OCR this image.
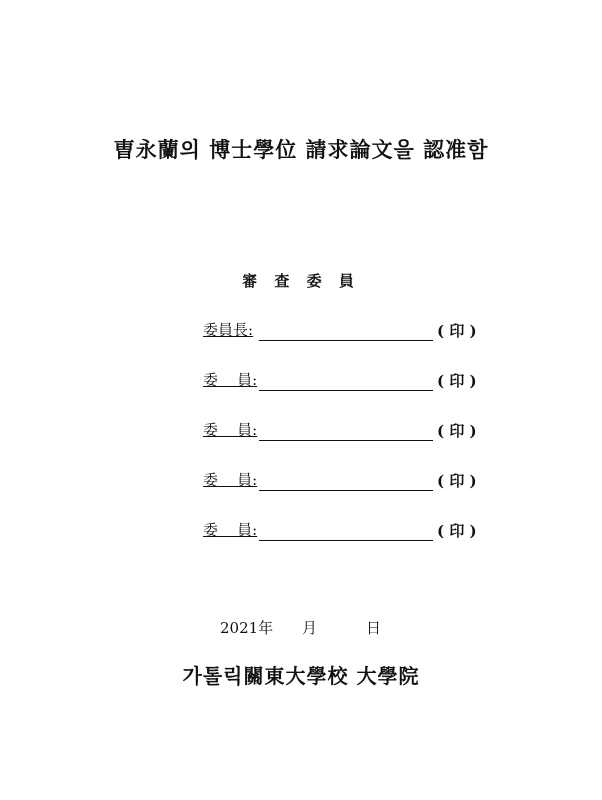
曺永蘭의 博士學位 請求論文을 認准함
審 査 委 員
委員長:	( 印 )
委    員:	( 印 )
委    員:	( 印 )
委    員:	( 印 )
委    員:	( 印 )
2021年 月	日
가톨릭關東大學校 大學院
